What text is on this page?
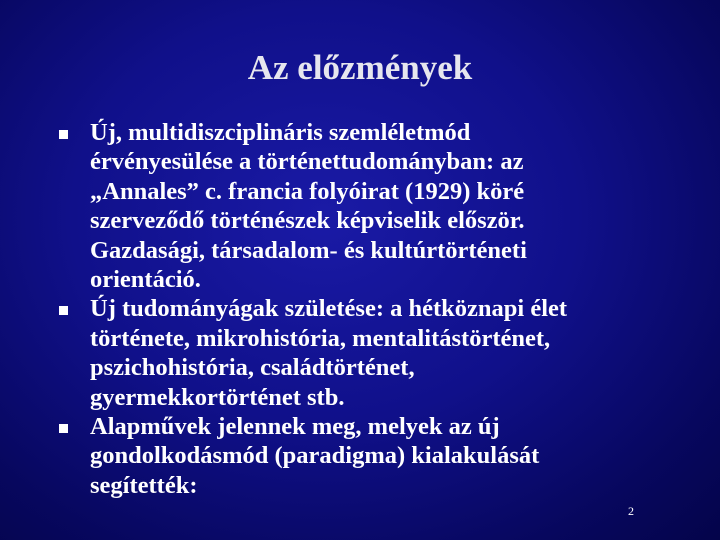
Az előzmények
Új, multidiszciplináris szemléletmód
érvényesülése a történettudományban: az
„Annales” c. francia folyóirat (1929) köré
szerveződő történészek képviselik először.
Gazdasági, társadalom- és kultúrtörténeti
orientáció.
Új tudományágak születése: a hétköznapi élet
története, mikrohistória, mentalitástörténet,
pszichohistória, családtörténet,
gyermekkortörténet stb.
Alapművek jelennek meg, melyek az új
gondolkodásmód (paradigma) kialakulását
segítették:
2
